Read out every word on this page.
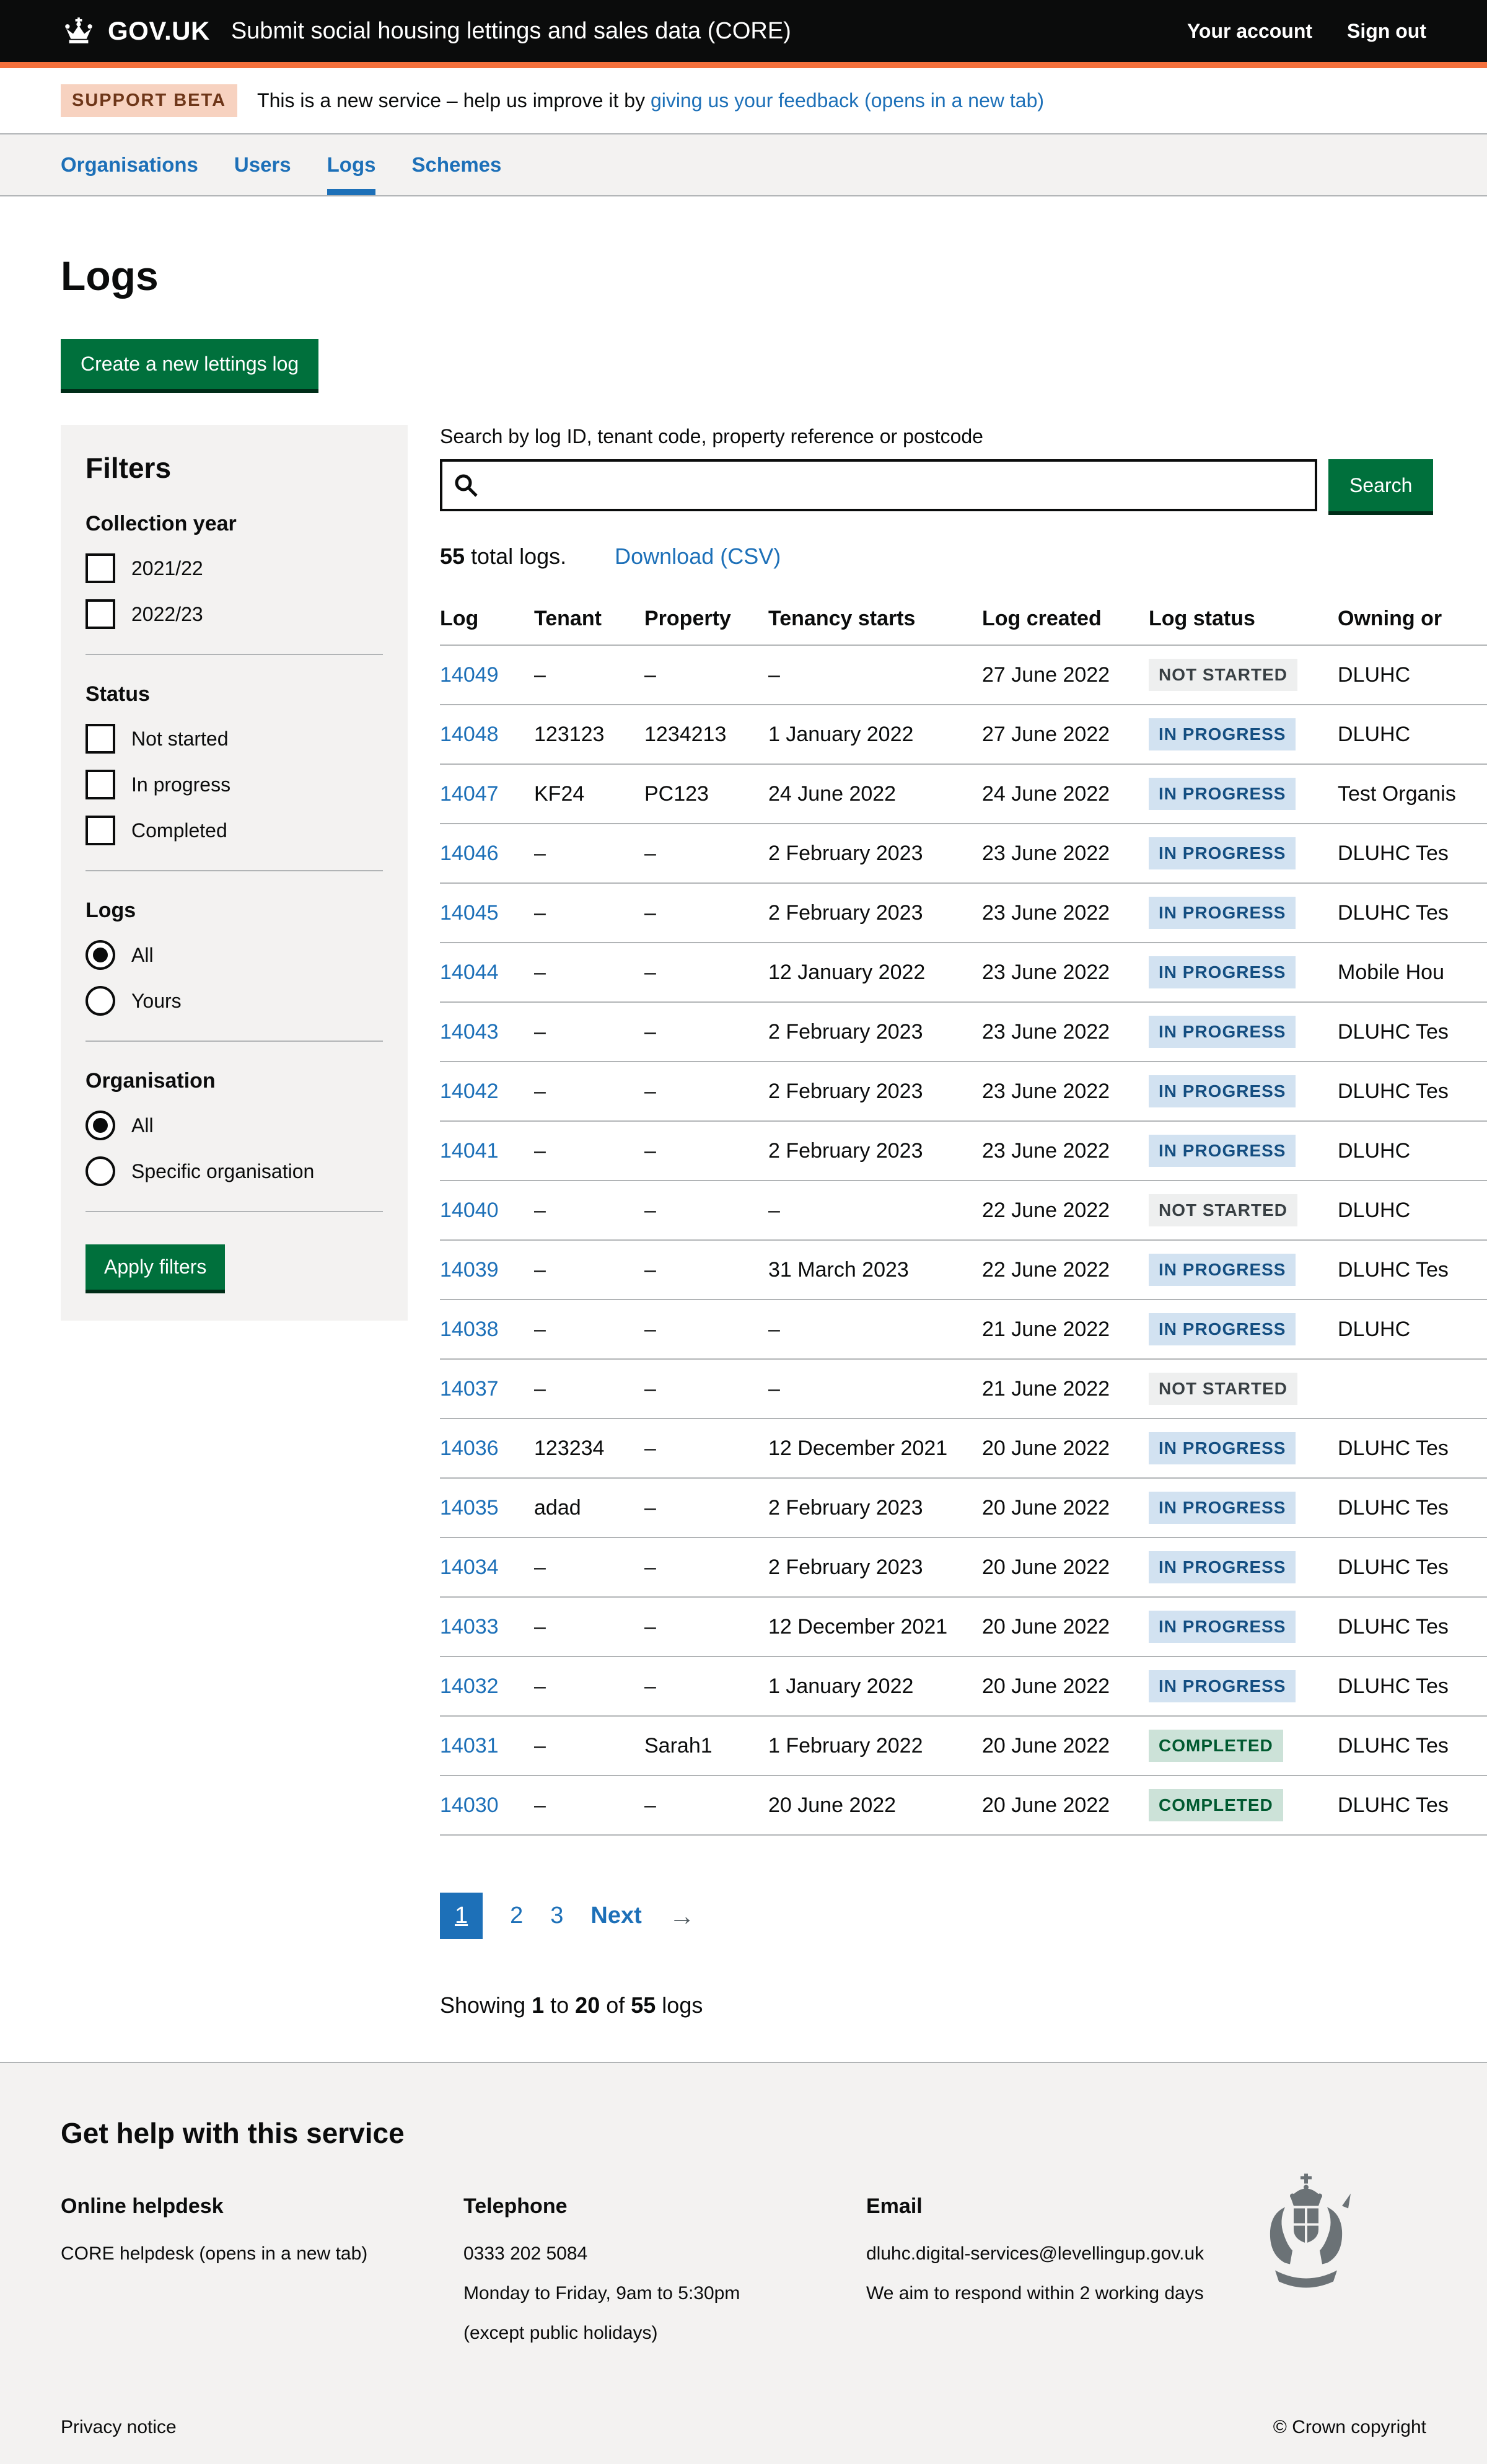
GOV.UK Submit social housing lettings and sales data (CORE)	Your account Sign out
SUPPORT BETA	This is a new service – help us improve it by giving us your feedback (opens in a new tab)
Organisations Users Logs Schemes
Logs
Create a new lettings log
Filters
Collection year
2021/22
2022/23
Status
Not started
In progress
Completed
Logs
All
Yours
Organisation
All
Specific organisation
Apply filters
Search by log ID, tenant code, property reference or postcode
Search
55 total logs. Download (CSV)
Log	Tenant	Property	Tenancy starts	Log created	Log status	Owning or
14049	–	–	–	27 June 2022	NOT STARTED	DLUHC
14048	123123	1234213	1 January 2022	27 June 2022	IN PROGRESS	DLUHC
14047	KF24	PC123	24 June 2022	24 June 2022	IN PROGRESS	Test Organis
14046	–	–	2 February 2023	23 June 2022	IN PROGRESS	DLUHC Tes
14045	–	–	2 February 2023	23 June 2022	IN PROGRESS	DLUHC Tes
14044	–	–	12 January 2022	23 June 2022	IN PROGRESS	Mobile Hou
14043	–	–	2 February 2023	23 June 2022	IN PROGRESS	DLUHC Tes
14042	–	–	2 February 2023	23 June 2022	IN PROGRESS	DLUHC Tes
14041	–	–	2 February 2023	23 June 2022	IN PROGRESS	DLUHC
14040	–	–	–	22 June 2022	NOT STARTED	DLUHC
14039	–	–	31 March 2023	22 June 2022	IN PROGRESS	DLUHC Tes
14038	–	–	–	21 June 2022	IN PROGRESS	DLUHC
14037	–	–	–	21 June 2022	NOT STARTED	
14036	123234	–	12 December 2021	20 June 2022	IN PROGRESS	DLUHC Tes
14035	adad	–	2 February 2023	20 June 2022	IN PROGRESS	DLUHC Tes
14034	–	–	2 February 2023	20 June 2022	IN PROGRESS	DLUHC Tes
14033	–	–	12 December 2021	20 June 2022	IN PROGRESS	DLUHC Tes
14032	–	–	1 January 2022	20 June 2022	IN PROGRESS	DLUHC Tes
14031	–	Sarah1	1 February 2022	20 June 2022	COMPLETED	DLUHC Tes
14030	–	–	20 June 2022	20 June 2022	COMPLETED	DLUHC Tes
1	2 3 Next →
Showing 1 to 20 of 55 logs
Get help with this service
Online helpdesk
CORE helpdesk (opens in a new tab)
Telephone
0333 202 5084
Monday to Friday, 9am to 5:30pm
(except public holidays)
Email
dluhc.digital-services@levellingup.gov.uk
We aim to respond within 2 working days
Privacy notice	© Crown copyright
